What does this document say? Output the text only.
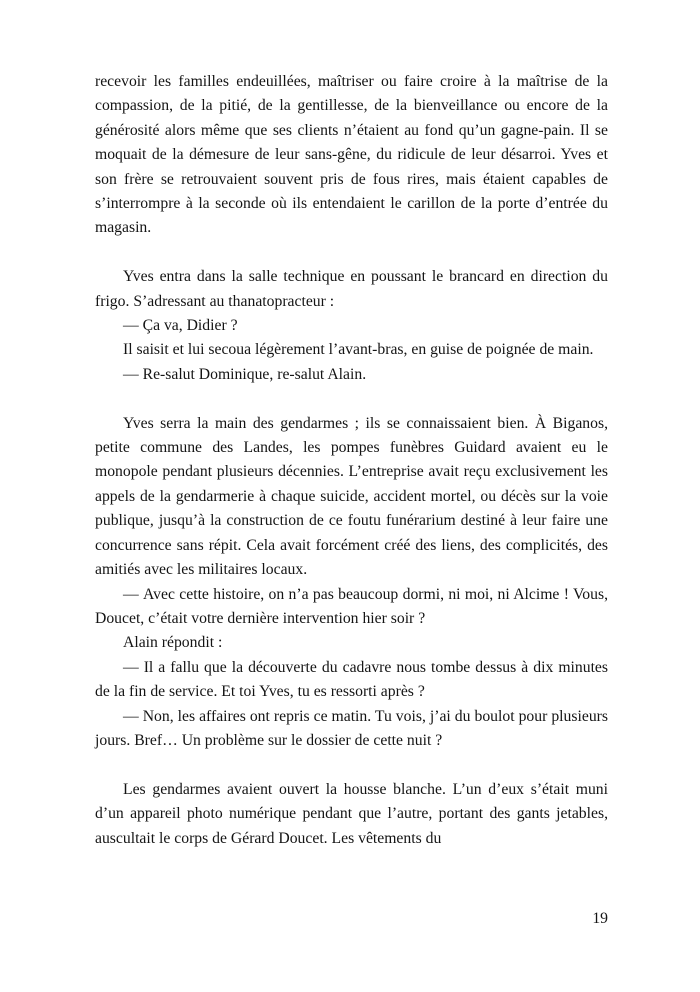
recevoir les familles endeuillées, maîtriser ou faire croire à la maîtrise de la compassion, de la pitié, de la gentillesse, de la bienveillance ou encore de la générosité alors même que ses clients n’étaient au fond qu’un gagne-pain. Il se moquait de la démesure de leur sans-gêne, du ridicule de leur désarroi. Yves et son frère se retrouvaient souvent pris de fous rires, mais étaient capables de s’interrompre à la seconde où ils entendaient le carillon de la porte d’entrée du magasin.

Yves entra dans la salle technique en poussant le brancard en direction du frigo. S’adressant au thanatopracteur :

— Ça va, Didier ?

Il saisit et lui secoua légèrement l’avant-bras, en guise de poignée de main.

— Re-salut Dominique, re-salut Alain.

Yves serra la main des gendarmes ; ils se connaissaient bien. À Biganos, petite commune des Landes, les pompes funèbres Guidard avaient eu le monopole pendant plusieurs décennies. L’entreprise avait reçu exclusivement les appels de la gendarmerie à chaque suicide, accident mortel, ou décès sur la voie publique, jusqu’à la construction de ce foutu funérarium destiné à leur faire une concurrence sans répit. Cela avait forcément créé des liens, des complicités, des amitiés avec les militaires locaux.

— Avec cette histoire, on n’a pas beaucoup dormi, ni moi, ni Alcime ! Vous, Doucet, c’était votre dernière intervention hier soir ?

Alain répondit :

— Il a fallu que la découverte du cadavre nous tombe dessus à dix minutes de la fin de service. Et toi Yves, tu es ressorti après ?

— Non, les affaires ont repris ce matin. Tu vois, j’ai du boulot pour plusieurs jours. Bref… Un problème sur le dossier de cette nuit ?

Les gendarmes avaient ouvert la housse blanche. L’un d’eux s’était muni d’un appareil photo numérique pendant que l’autre, portant des gants jetables, auscultait le corps de Gérard Doucet. Les vêtements du

19
